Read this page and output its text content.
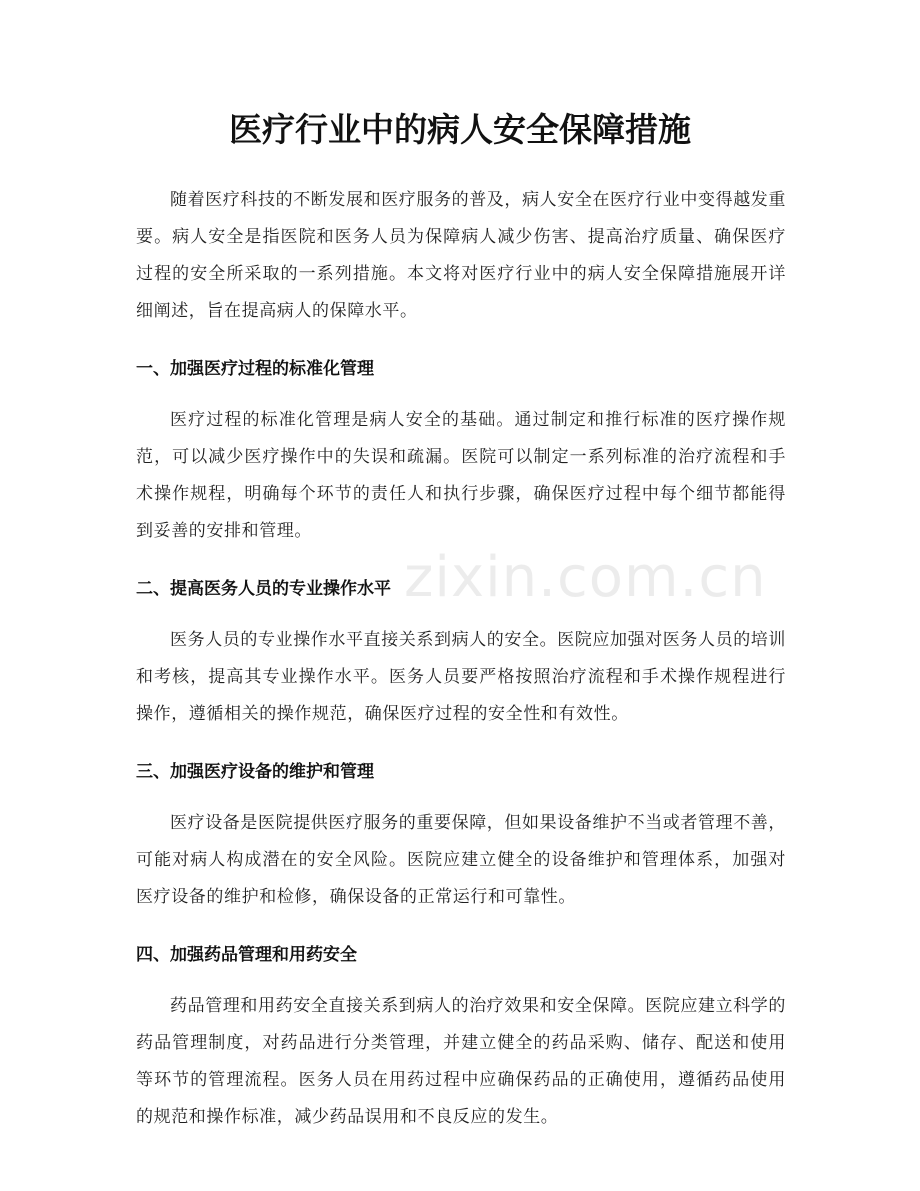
医疗行业中的病人安全保障措施

随着医疗科技的不断发展和医疗服务的普及，病人安全在医疗行业中变得越发重要。病人安全是指医院和医务人员为保障病人减少伤害、提高治疗质量、确保医疗过程的安全所采取的一系列措施。本文将对医疗行业中的病人安全保障措施展开详细阐述，旨在提高病人的保障水平。

一、加强医疗过程的标准化管理

医疗过程的标准化管理是病人安全的基础。通过制定和推行标准的医疗操作规范，可以减少医疗操作中的失误和疏漏。医院可以制定一系列标准的治疗流程和手术操作规程，明确每个环节的责任人和执行步骤，确保医疗过程中每个细节都能得到妥善的安排和管理。

二、提高医务人员的专业操作水平

医务人员的专业操作水平直接关系到病人的安全。医院应加强对医务人员的培训和考核，提高其专业操作水平。医务人员要严格按照治疗流程和手术操作规程进行操作，遵循相关的操作规范，确保医疗过程的安全性和有效性。

三、加强医疗设备的维护和管理

医疗设备是医院提供医疗服务的重要保障，但如果设备维护不当或者管理不善，可能对病人构成潜在的安全风险。医院应建立健全的设备维护和管理体系，加强对医疗设备的维护和检修，确保设备的正常运行和可靠性。

四、加强药品管理和用药安全

药品管理和用药安全直接关系到病人的治疗效果和安全保障。医院应建立科学的药品管理制度，对药品进行分类管理，并建立健全的药品采购、储存、配送和使用等环节的管理流程。医务人员在用药过程中应确保药品的正确使用，遵循药品使用的规范和操作标准，减少药品误用和不良反应的发生。

zixin.com.cn
